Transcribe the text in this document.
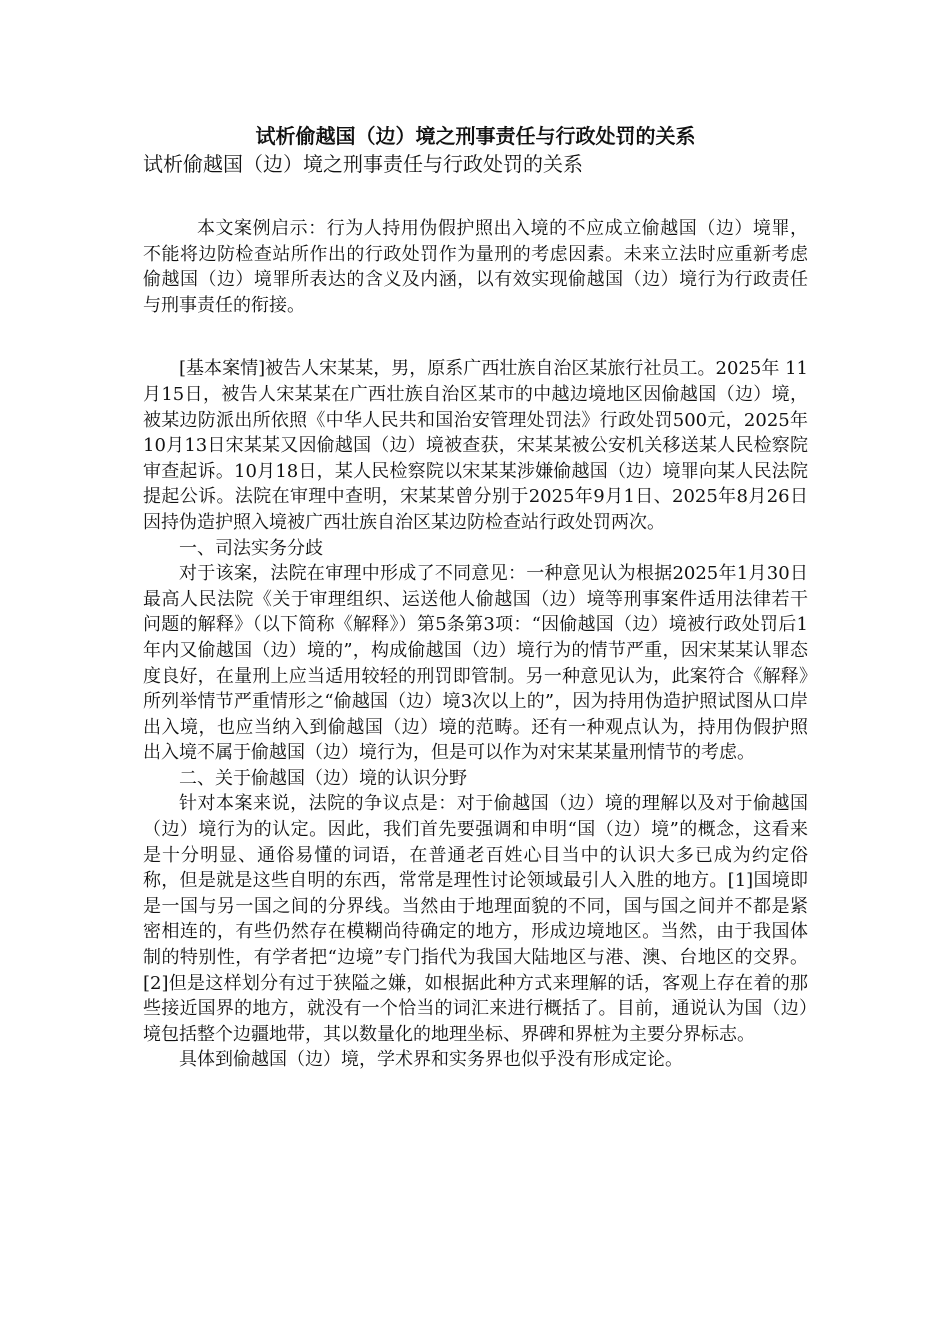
试析偷越国（边）境之刑事责任与行政处罚的关系

试析偷越国（边）境之刑事责任与行政处罚的关系

本文案例启示：行为人持用伪假护照出入境的不应成立偷越国（边）境罪，不能将边防检查站所作出的行政处罚作为量刑的考虑因素。未来立法时应重新考虑偷越国（边）境罪所表达的含义及内涵，以有效实现偷越国（边）境行为行政责任与刑事责任的衔接。

[基本案情]被告人宋某某，男，原系广西壮族自治区某旅行社员工。2025年 11月15日，被告人宋某某在广西壮族自治区某市的中越边境地区因偷越国（边）境，被某边防派出所依照《中华人民共和国治安管理处罚法》行政处罚500元，2025年10月13日宋某某又因偷越国（边）境被查获，宋某某被公安机关移送某人民检察院审查起诉。10月18日，某人民检察院以宋某某涉嫌偷越国（边）境罪向某人民法院提起公诉。法院在审理中查明，宋某某曾分别于2025年9月1日、2025年8月26日因持伪造护照入境被广西壮族自治区某边防检查站行政处罚两次。

一、司法实务分歧

对于该案，法院在审理中形成了不同意见：一种意见认为根据2025年1月30日最高人民法院《关于审理组织、运送他人偷越国（边）境等刑事案件适用法律若干问题的解释》（以下简称《解释》）第5条第3项：“因偷越国（边）境被行政处罚后1年内又偷越国（边）境的”，构成偷越国（边）境行为的情节严重，因宋某某认罪态度良好，在量刑上应当适用较轻的刑罚即管制。另一种意见认为，此案符合《解释》所列举情节严重情形之“偷越国（边）境3次以上的”，因为持用伪造护照试图从口岸出入境，也应当纳入到偷越国（边）境的范畴。还有一种观点认为，持用伪假护照出入境不属于偷越国（边）境行为，但是可以作为对宋某某量刑情节的考虑。

二、关于偷越国（边）境的认识分野

针对本案来说，法院的争议点是：对于偷越国（边）境的理解以及对于偷越国（边）境行为的认定。因此，我们首先要强调和申明“国（边）境”的概念，这看来是十分明显、通俗易懂的词语，在普通老百姓心目当中的认识大多已成为约定俗称，但是就是这些自明的东西，常常是理性讨论领域最引人入胜的地方。[1]国境即是一国与另一国之间的分界线。当然由于地理面貌的不同，国与国之间并不都是紧密相连的，有些仍然存在模糊尚待确定的地方，形成边境地区。当然，由于我国体制的特别性，有学者把“边境”专门指代为我国大陆地区与港、澳、台地区的交界。[2]但是这样划分有过于狭隘之嫌，如根据此种方式来理解的话，客观上存在着的那些接近国界的地方，就没有一个恰当的词汇来进行概括了。目前，通说认为国（边）境包括整个边疆地带，其以数量化的地理坐标、界碑和界桩为主要分界标志。

具体到偷越国（边）境，学术界和实务界也似乎没有形成定论。
